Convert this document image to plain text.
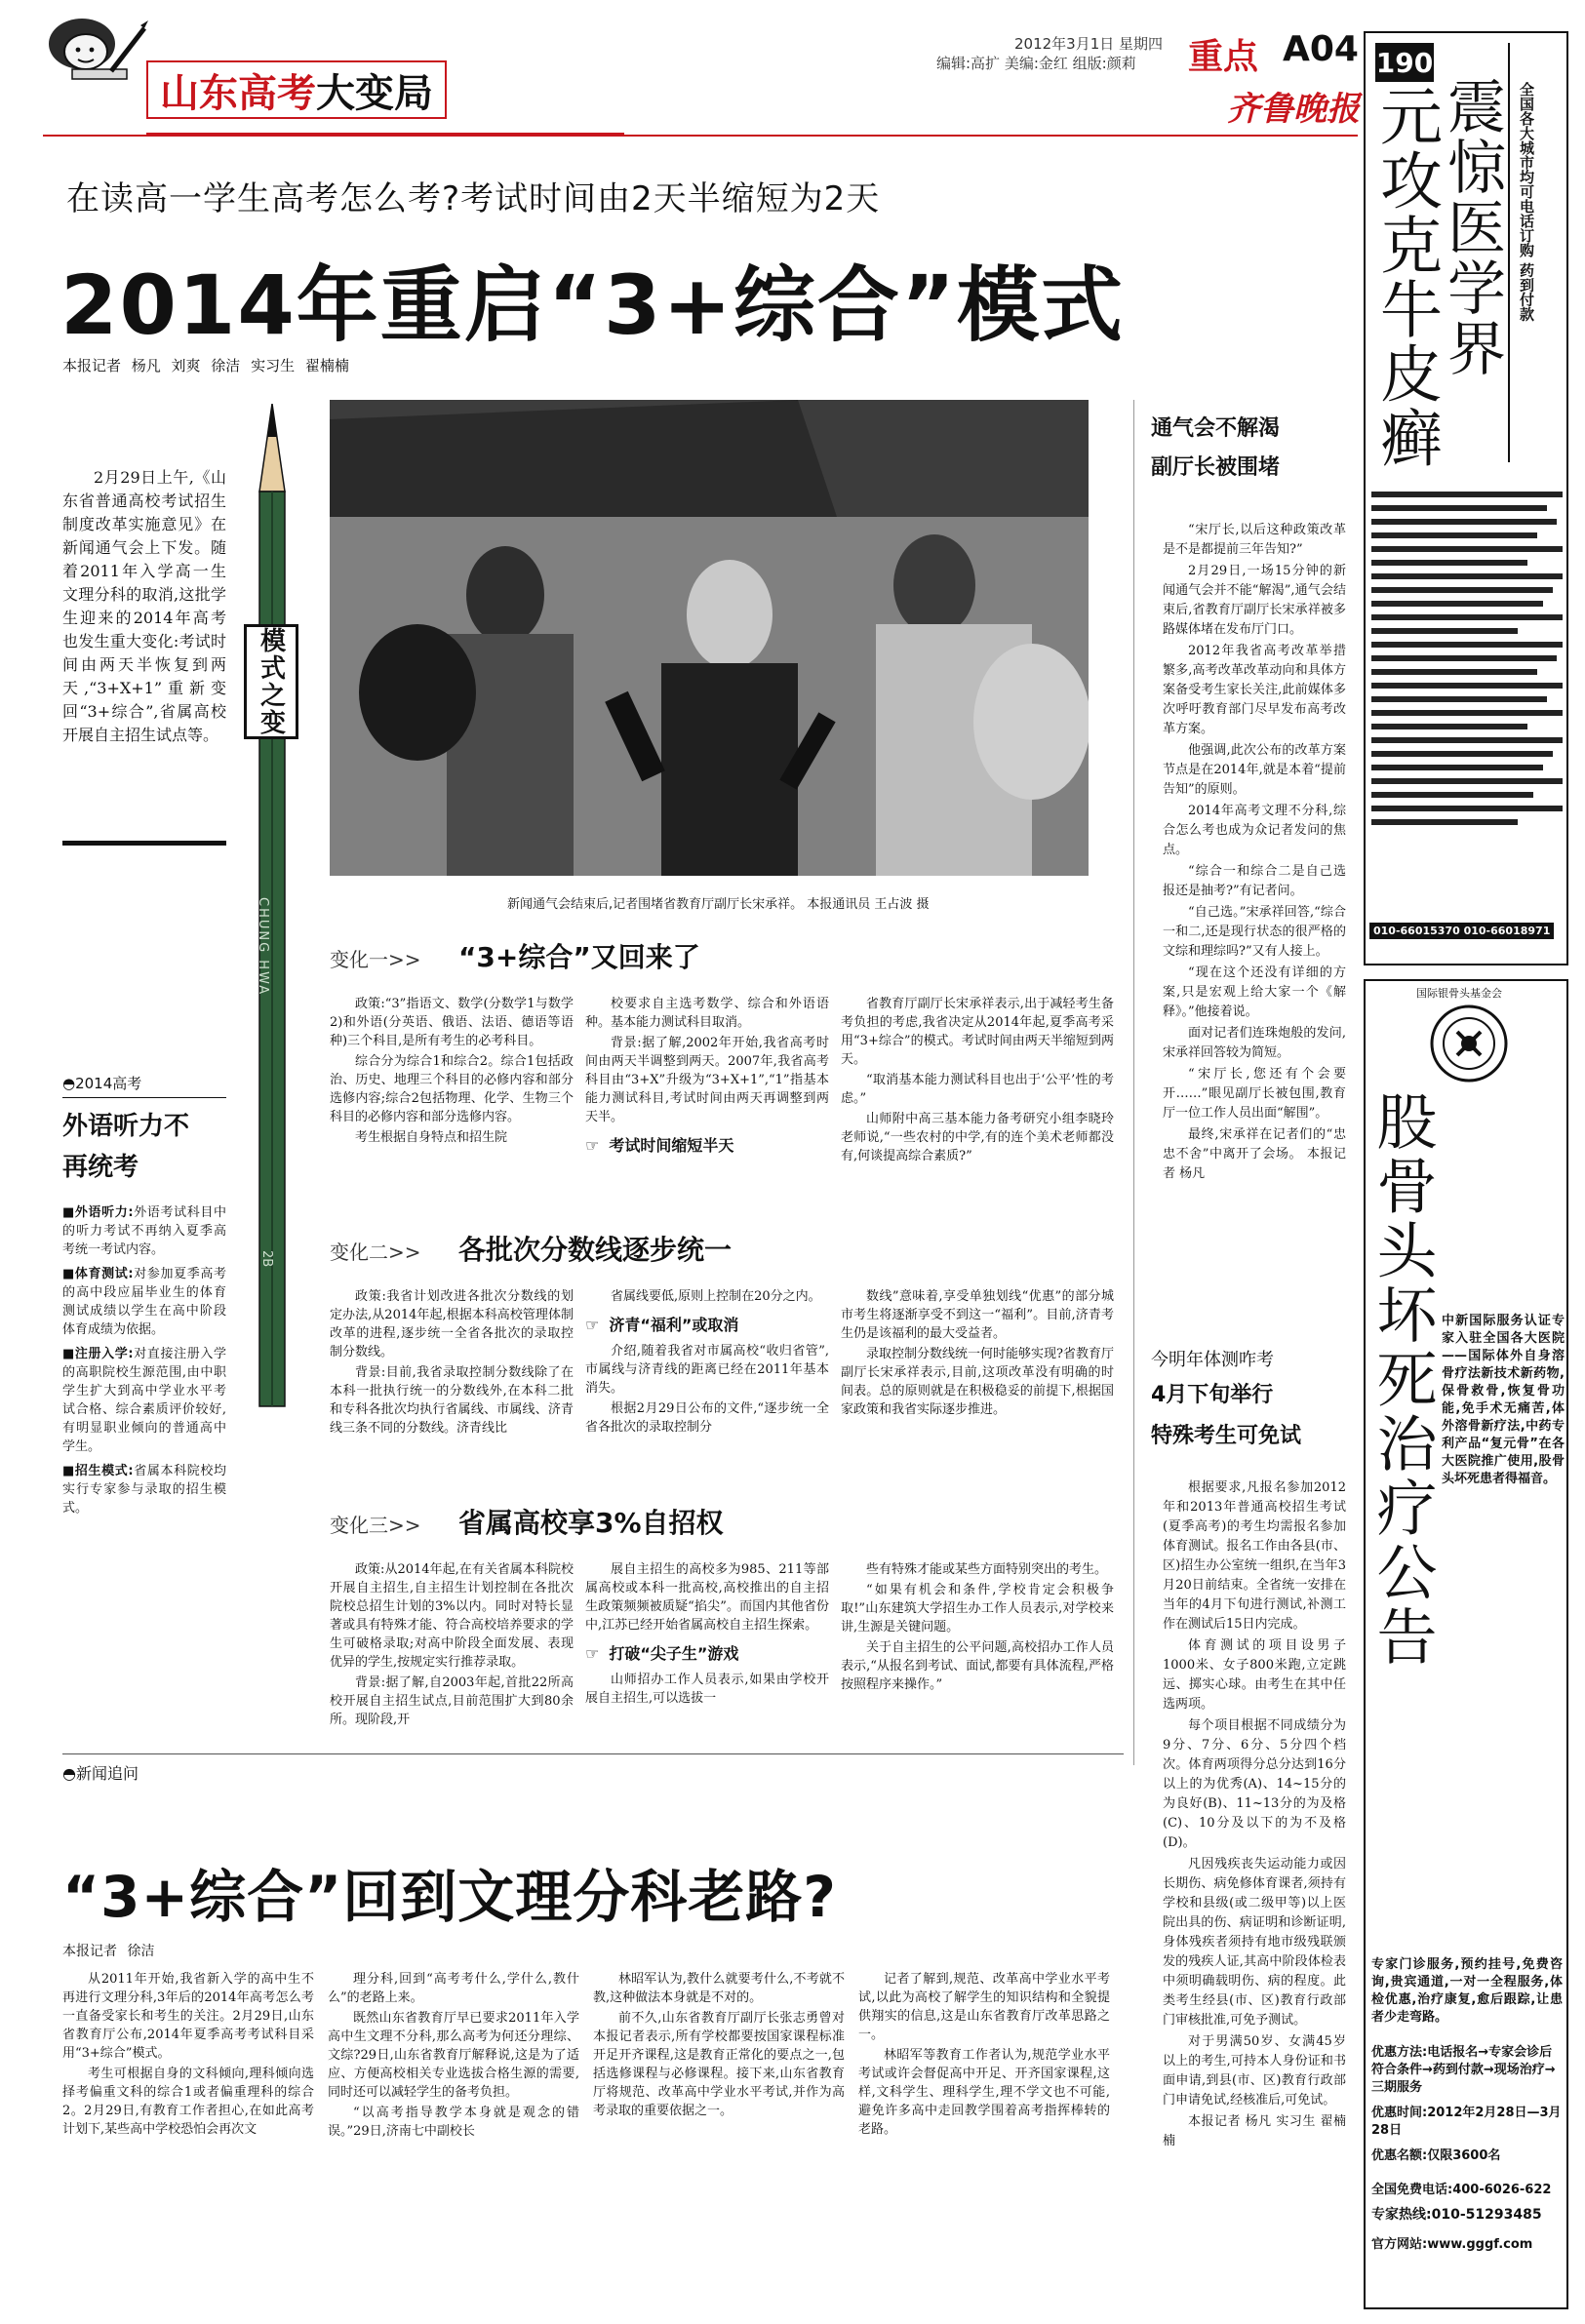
山东高考 大变局
2012年3月1日 星期四
编辑:高扩 美编:金红 组版:颜莉 重点 A04
齐鲁晚报
在读高一学生高考怎么考?考试时间由2天半缩短为2天
2014年重启“3+综合”模式
本报记者 杨凡 刘爽 徐洁 实习生 翟楠楠

2月29日上午,《山东省普通高校考试招生制度改革实施意见》在新闻通气会上下发。随着2011年入学高一生文理分科的取消,这批学生迎来的2014年高考也发生重大变化:考试时间由两天半恢复到两天,“3+X+1”重新变回“3+综合”,省属高校开展自主招生试点等。	模式之变
CHUNG HWA
2B
新闻通气会结束后,记者围堵省教育厅副厅长宋承祥。 本报通讯员 王占波 摄
◓2014高考
外语听力不再统考
■外语听力:外语考试科目中的听力考试不再纳入夏季高考统一考试内容。
■体育测试:对参加夏季高考的高中段应届毕业生的体育测试成绩以学生在高中阶段体育成绩为依据。
■注册入学:对直接注册入学的高职院校生源范围,由中职学生扩大到高中学业水平考试合格、综合素质评价较好,有明显职业倾向的普通高中学生。
■招生模式:省属本科院校均实行专家参与录取的招生模式。
变化一>> “3+综合”又回来了

政策:“3”指语文、数学(分数学1与数学2)和外语(分英语、俄语、法语、德语等语种)三个科目,是所有考生的必考科目。

综合分为综合1和综合2。综合1包括政治、历史、地理三个科目的必修内容和部分选修内容;综合2包括物理、化学、生物三个科目的必修内容和部分选修内容。

考生根据自身特点和招生院

校要求自主选考数学、综合和外语语种。基本能力测试科目取消。

背景:据了解,2002年开始,我省高考时间由两天半调整到两天。2007年,我省高考科目由“3+X”升级为“3+X+1”,“1”指基本能力测试科目,考试时间由两天再调整到两天半。

☞ 考试时间缩短半天

省教育厅副厅长宋承祥表示,出于减轻考生备考负担的考虑,我省决定从2014年起,夏季高考采用“3+综合”的模式。考试时间由两天半缩短到两天。

“取消基本能力测试科目也出于‘公平’性的考虑。”

山师附中高三基本能力备考研究小组李晓玲老师说,“一些农村的中学,有的连个美术老师都没有,何谈提高综合素质?”

变化二>> 各批次分数线逐步统一

政策:我省计划改进各批次分数线的划定办法,从2014年起,根据本科高校管理体制改革的进程,逐步统一全省各批次的录取控制分数线。

背景:目前,我省录取控制分数线除了在本科一批执行统一的分数线外,在本科二批和专科各批次均执行省属线、市属线、济青线三条不同的分数线。济青线比

省属线要低,原则上控制在20分之内。

☞ 济青“福利”或取消

介绍,随着我省对市属高校“收归省管”,市属线与济青线的距离已经在2011年基本消失。

根据2月29日公布的文件,“逐步统一全省各批次的录取控制分

数线”意味着,享受单独划线“优惠”的部分城市考生将逐渐享受不到这一“福利”。目前,济青考生仍是该福利的最大受益者。

录取控制分数线统一何时能够实现?省教育厅副厅长宋承祥表示,目前,这项改革没有明确的时间表。总的原则就是在积极稳妥的前提下,根据国家政策和我省实际逐步推进。

变化三>> 省属高校享3%自招权

政策:从2014年起,在有关省属本科院校开展自主招生,自主招生计划控制在各批次院校总招生计划的3%以内。同时对特长显著或具有特殊才能、符合高校培养要求的学生可破格录取;对高中阶段全面发展、表现优异的学生,按规定实行推荐录取。

背景:据了解,自2003年起,首批22所高校开展自主招生试点,目前范围扩大到80余所。现阶段,开

展自主招生的高校多为985、211等部属高校或本科一批高校,高校推出的自主招生政策频频被质疑“掐尖”。而国内其他省份中,江苏已经开始省属高校自主招生探索。

☞ 打破“尖子生”游戏

山师招办工作人员表示,如果由学校开展自主招生,可以选拔一

些有特殊才能或某些方面特别突出的考生。

“如果有机会和条件,学校肯定会积极争取!”山东建筑大学招生办工作人员表示,对学校来讲,生源是关键问题。

关于自主招生的公平问题,高校招办工作人员表示,“从报名到考试、面试,都要有具体流程,严格按照程序来操作。”

通气会不解渴
副厅长被围堵

“宋厅长,以后这种政策改革是不是都提前三年告知?”

2月29日,一场15分钟的新闻通气会并不能“解渴”,通气会结束后,省教育厅副厅长宋承祥被多路媒体堵在发布厅门口。

2012年我省高考改革举措繁多,高考改革改革动向和具体方案备受考生家长关注,此前媒体多次呼吁教育部门尽早发布高考改革方案。

他强调,此次公布的改革方案节点是在2014年,就是本着“提前告知”的原则。

2014年高考文理不分科,综合怎么考也成为众记者发问的焦点。

“综合一和综合二是自己选报还是抽考?”有记者问。

“自己选。”宋承祥回答,“综合一和二,还是现行状态的很严格的文综和理综吗?”又有人接上。

“现在这个还没有详细的方案,只是宏观上给大家一个《解释》。”他接着说。

面对记者们连珠炮般的发问,宋承祥回答较为简短。

“宋厅长,您还有个会要开……”眼见副厅长被包围,教育厅一位工作人员出面“解围”。

最终,宋承祥在记者们的“忠忠不舍”中离开了会场。 本报记者 杨凡

今明年体测咋考
4月下旬举行
特殊考生可免试

根据要求,凡报名参加2012年和2013年普通高校招生考试(夏季高考)的考生均需报名参加体育测试。报名工作由各县(市、区)招生办公室统一组织,在当年3月20日前结束。全省统一安排在当年的4月下旬进行测试,补测工作在测试后15日内完成。

体育测试的项目设男子1000米、女子800米跑,立定跳远、掷实心球。由考生在其中任选两项。

每个项目根据不同成绩分为9分、7分、6分、5分四个档次。体育两项得分总分达到16分以上的为优秀(A)、14~15分的为良好(B)、11~13分的为及格(C)、10分及以下的为不及格(D)。

凡因残疾丧失运动能力或因长期伤、病免修体育课者,须持有学校和县级(或二级甲等)以上医院出具的伤、病证明和诊断证明,身体残疾者须持有地市级残联颁发的残疾人证,其高中阶段体检表中须明确载明伤、病的程度。此类考生经县(市、区)教育行政部门审核批准,可免予测试。

对于男满50岁、女满45岁以上的考生,可持本人身份证和书面申请,到县(市、区)教育行政部门申请免试,经核准后,可免试。

本报记者 杨凡 实习生 翟楠楠

190
元攻克牛皮癣
震惊医学界 全国各大城市均可电话订购 药到付款
010-66015370 010-66018971
国际银骨头基金会
股骨头坏死治疗公告 中新国际服务认证专家入驻全国各大医院——国际体外自身溶骨疗法新技术新药物,保骨救骨,恢复骨功能,免手术无痛苦,体外溶骨新疗法,中药专利产品“复元骨”在各大医院推广使用,股骨头坏死患者得福音。
专家门诊服务,预约挂号,免费咨询,贵宾通道,一对一全程服务,体检优惠,治疗康复,愈后跟踪,让患者少走弯路。
优惠方法:电话报名→专家会诊后符合条件→药到付款→现场治疗→三期服务
优惠时间:2012年2月28日—3月28日
优惠名额:仅限3600名
全国免费电话:400-6026-622
专家热线:010-51293485
官方网站:www.gggf.com
◓新闻追问
“3+综合”回到文理分科老路?
本报记者 徐洁

从2011年开始,我省新入学的高中生不再进行文理分科,3年后的2014年高考怎么考一直备受家长和考生的关注。2月29日,山东省教育厅公布,2014年夏季高考考试科目采用“3+综合”模式。

考生可根据自身的文科倾向,理科倾向选择考偏重文科的综合1或者偏重理科的综合2。2月29日,有教育工作者担心,在如此高考计划下,某些高中学校恐怕会再次文

理分科,回到“高考考什么,学什么,教什么”的老路上来。

既然山东省教育厅早已要求2011年入学高中生文理不分科,那么高考为何还分理综、文综?29日,山东省教育厅解释说,这是为了适应、方便高校相关专业选拔合格生源的需要,同时还可以减轻学生的备考负担。

“以高考指导教学本身就是观念的错误。”29日,济南七中副校长

林昭军认为,教什么就要考什么,不考就不教,这种做法本身就是不对的。

前不久,山东省教育厅副厅长张志勇曾对本报记者表示,所有学校都要按国家课程标准开足开齐课程,这是教育正常化的要点之一,包括选修课程与必修课程。接下来,山东省教育厅将规范、改革高中学业水平考试,并作为高考录取的重要依据之一。

记者了解到,规范、改革高中学业水平考试,以此为高校了解学生的知识结构和全貌提供翔实的信息,这是山东省教育厅改革思路之一。

林昭军等教育工作者认为,规范学业水平考试或许会督促高中开足、开齐国家课程,这样,文科学生、理科学生,理不学文也不可能,避免许多高中走回教学围着高考指挥棒转的老路。
